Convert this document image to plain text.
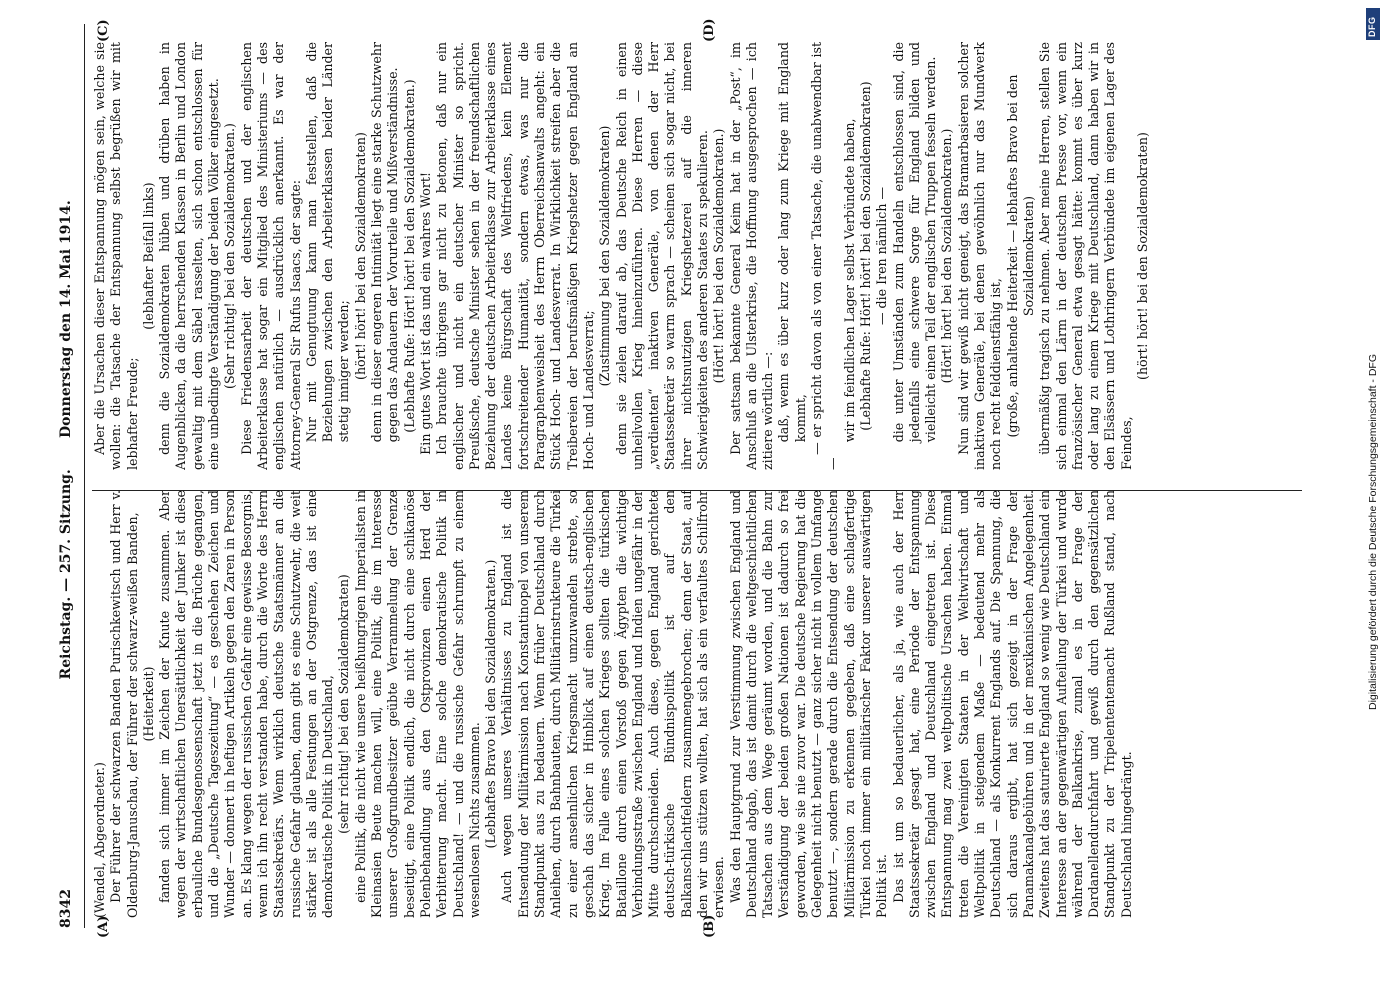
8342                                           Reichstag. — 257. Sitzung.
Donnerstag den 14. Mai 1914.
(A)	(B)
(C)	(D)

(Wendel, Abgeordneter.) Der Führer der schwarzen Banden Purischkewitsch und Herr v. Oldenburg-Januschau, der Führer der schwarz-weißen Banden, (Heiterkeit) fanden sich immer im Zeichen der Knute zusammen. Aber wegen der wirtschaftlichen Unersättlichkeit der Junker ist diese erbauliche Bundesgenossenschaft jetzt in die Brüche gegangen, und die „Deutsche Tageszeitung“ — es geschehen Zeichen und Wunder — donnert in heftigen Artikeln gegen den Zaren in Person an. Es klang wegen der russischen Gefahr eine gewisse Besorgnis, wenn ich ihn recht verstanden habe, durch die Worte des Herrn Staatssekretärs. Wenn wirklich deutsche Staatsmänner an die russische Gefahr glauben, dann gibt es eine Schutzwehr, die weit stärker ist als alle Festungen an der Ostgrenze, das ist eine demokratische Politik in Deutschland, (sehr richtig! bei den Sozialdemokraten) eine Politik, die nicht wie unsere heißhungrigen Imperialisten in Kleinasien Beute machen will, eine Politik, die im Interesse unserer Großgrundbesitzer geübte Verrammelung der Grenze beseitigt, eine Politik endlich, die nicht durch eine schikanöse Polenbehandlung aus den Ostprovinzen einen Herd der Verbitterung macht. Eine solche demokratische Politik in Deutschland! — und die russische Gefahr schrumpft zu einem wesenlosen Nichts zusammen. (Lebhaftes Bravo bei den Sozialdemokraten.) Auch wegen unseres Verhältnisses zu England ist die Entsendung der Militärmission nach Konstantinopel von unserem Standpunkt aus zu bedauern. Wenn früher Deutschland durch Anleihen, durch Bahnbauten, durch Militärinstrukteure die Türkei zu einer ansehnlichen Kriegsmacht umzuwandeln strebte, so geschah das sicher in Hinblick auf einen deutsch-englischen Krieg. Im Falle eines solchen Krieges sollten die türkischen Bataillone durch einen Vorstoß gegen Ägypten die wichtige Verbindungsstraße zwischen England und Indien ungefähr in der Mitte durchschneiden. Auch diese, gegen England gerichtete deutsch-türkische Bündnispolitik ist auf den Balkanschlachtfeldern zusammengebrochen; denn der Staat, auf den wir uns stützen wollten, hat sich als ein verfaultes Schilfrohr erwiesen. Was den Hauptgrund zur Verstimmung zwischen England und Deutschland abgab, das ist damit durch die weltgeschichtlichen Tatsachen aus dem Wege geräumt worden, und die Bahn zur Verständigung der beiden großen Nationen ist dadurch so frei geworden, wie sie nie zuvor war. Die deutsche Regierung hat die Gelegenheit nicht benutzt — ganz sicher nicht in vollem Umfange benutzt —, sondern gerade durch die Entsendung der deutschen Militärmission zu erkennen gegeben, daß eine schlagfertige Türkei noch immer ein militärischer Faktor unserer auswärtigen Politik ist. Das ist um so bedauerlicher, als ja, wie auch der Herr Staatssekretär gesagt hat, eine Periode der Entspannung zwischen England und Deutschland eingetreten ist. Diese Entspannung mag zwei weltpolitische Ursachen haben. Einmal treten die Vereinigten Staaten in der Weltwirtschaft und Weltpolitik in steigendem Maße — bedeutend mehr als Deutschland — als Konkurrent Englands auf. Die Spannung, die sich daraus ergibt, hat sich gezeigt in der Frage der Panamakanalgebühren und in der mexikanischen Angelegenheit. Zweitens hat das saturierte England so wenig wie Deutschland ein Interesse an der gegenwärtigen Aufteilung der Türkei und wurde während der Balkankrise, zumal es in der Frage der Dardanellendurchfahrt und gewiß durch den gegensätzlichen Standpunkt zu der Tripelententemacht Rußland stand, nach Deutschland hingedrängt.

Aber die Ursachen dieser Entspannung mögen sein, welche sie wollen: die Tatsache der Entspannung selbst begrüßen wir mit lebhafter Freude;

(lebhafter Beifall links) denn die Sozialdemokraten hüben und drüben haben in Augenblicken, da die herrschenden Klassen in Berlin und London gewaltig mit dem Säbel rasselten, sich schon entschlossen für eine unbedingte Verständigung der beiden Völker eingesetzt. (Sehr richtig! bei den Sozialdemokraten.) Diese Friedensarbeit der deutschen und der englischen Arbeiterklasse hat sogar ein Mitglied des Ministeriums — des englischen natürlich — ausdrücklich anerkannt. Es war der Attorney-General Sir Rufus Isaacs, der sagte: Nur mit Genugtuung kann man feststellen, daß die Beziehungen zwischen den Arbeiterklassen beider Länder stetig inniger werden; (hört! hört! bei den Sozialdemokraten) denn in dieser engeren Intimität liegt eine starke Schutzwehr gegen das Andauern der Vorurteile und Mißverständnisse. (Lebhafte Rufe: Hört! hört! bei den Sozialdemokraten.) Ein gutes Wort ist das und ein wahres Wort! Ich brauchte übrigens gar nicht zu betonen, daß nur ein englischer und nicht ein deutscher Minister so spricht. Preußische, deutsche Minister sehen in der freundschaftlichen Beziehung der deutschen Arbeiterklasse zur Arbeiterklasse eines Landes keine Bürgschaft des Weltfriedens, kein Element fortschreitender Humanität, sondern etwas, was nur die Paragraphenweisheit des Herrn Oberreichsanwalts angeht: ein Stück Hoch- und Landesverrat. In Wirklichkeit streifen aber die Treibereien der berufsmäßigen Kriegshetzer gegen England an Hoch- und Landesverrat;

(Zustimmung bei den Sozialdemokraten) denn sie zielen darauf ab, das Deutsche Reich in einen unheilvollen Krieg hineinzuführen. Diese Herren — diese „verdienten“ inaktiven Generäle, von denen der Herr Staatssekretär so warm sprach — scheinen sich sogar nicht, bei ihrer nichtsnutzigen Kriegshetzerei auf die inneren Schwierigkeiten des anderen Staates zu spekulieren. (Hört! hört! bei den Sozialdemokraten.) Der sattsam bekannte General Keim hat in der „Post“, im Anschluß an die Ulsterkrise, die Hoffnung ausgesprochen — ich zitiere wörtlich —: daß, wenn es über kurz oder lang zum Kriege mit England kommt, — er spricht davon als von einer Tatsache, die unabwendbar ist —

wir im feindlichen Lager selbst Verbündete haben, (Lebhafte Rufe: Hört! hört! bei den Sozialdemokraten) — die Iren nämlich — die unter Umständen zum Handeln entschlossen sind, die jedenfalls eine schwere Sorge für England bilden und vielleicht einen Teil der englischen Truppen fesseln werden. (Hört! hört! bei den Sozialdemokraten.) Nun sind wir gewiß nicht geneigt, das Bramarbasieren solcher inaktiven Generäle, bei denen gewöhnlich nur das Mundwerk noch recht felddienstfähig ist, (große, anhaltende Heiterkeit — lebhaftes Bravo bei den Sozialdemokraten) übermäßig tragisch zu nehmen. Aber meine Herren, stellen Sie sich einmal den Lärm in der deutschen Presse vor, wenn ein französischer General etwa gesagt hätte: kommt es über kurz oder lang zu einem Kriege mit Deutschland, dann haben wir in den Elsässern und Lothringern Verbündete im eigenen Lager des Feindes,

(hört! hört! bei den Sozialdemokraten)

DFG
Digitalisierung gefördert durch die Deutsche Forschungsgemeinschaft - DFG
